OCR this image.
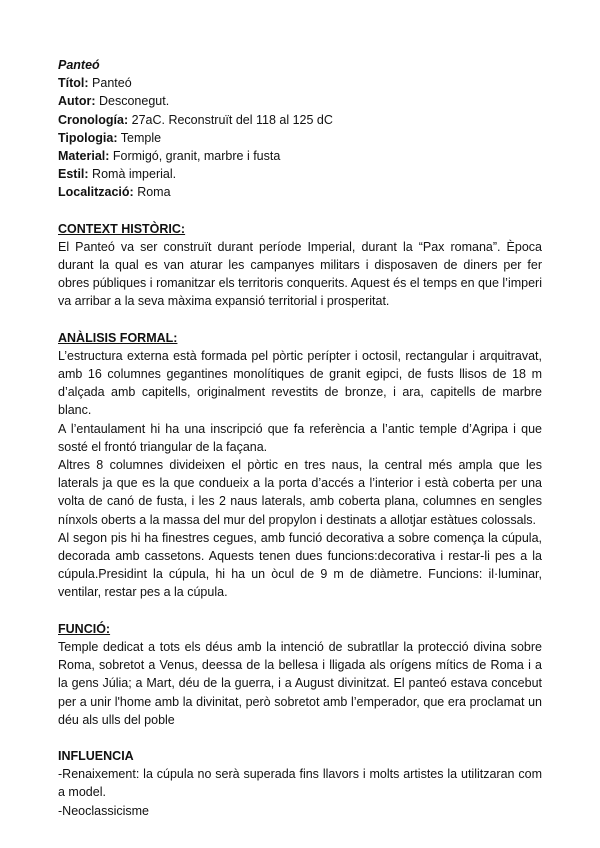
Panteó

Títol: Panteó

Autor: Desconegut.

Cronología: 27aC. Reconstruït del 118 al 125 dC

Tipologia: Temple

Material: Formigó, granit, marbre i fusta

Estil: Romà imperial.

Localització: Roma

CONTEXT HISTÒRIC:

El Panteó va ser construït durant període Imperial, durant la “Pax romana”. Època durant la qual es van aturar les campanyes militars i disposaven de diners per fer obres públiques i romanitzar els territoris conquerits. Aquest és el temps en que l’imperi va arribar a la seva màxima expansió territorial i prosperitat.

ANÀLISIS FORMAL:

L’estructura externa està formada pel pòrtic perípter i octosil, rectangular i arquitravat, amb 16 columnes gegantines monolítiques de granit egipci, de fusts llisos de 18 m d’alçada amb capitells, originalment revestits de bronze, i ara, capitells de marbre blanc.

A l’entaulament hi ha una inscripció que fa referència a l’antic temple d’Agripa i que sosté el frontó triangular de la façana.

Altres 8 columnes divideixen el pòrtic en tres naus, la central més ampla que les laterals ja que es la que condueix a la porta d’accés a l’interior i està coberta per una volta de canó de fusta, i les 2 naus laterals, amb coberta plana, columnes en sengles nínxols oberts a la massa del mur del propylon i destinats a allotjar estàtues colossals.

Al segon pis hi ha finestres cegues, amb funció decorativa a sobre comença la cúpula, decorada amb cassetons. Aquests tenen dues funcions:decorativa i restar-li pes a la cúpula.Presidint la cúpula, hi ha un òcul de 9 m de diàmetre. Funcions: il·luminar, ventilar, restar pes a la cúpula.

FUNCIÓ:

Temple dedicat a tots els déus amb la intenció de subratllar la protecció divina sobre Roma, sobretot a Venus, deessa de la bellesa i lligada als orígens mítics de Roma i a la gens Júlia; a Mart, déu de la guerra, i a August divinitzat. El panteó estava concebut per a unir l'home amb la divinitat, però sobretot amb l’emperador, que era proclamat un déu als ulls del poble

INFLUENCIA

-Renaixement: la cúpula no serà superada fins llavors i molts artistes la utilitzaran com a model.

-Neoclassicisme
